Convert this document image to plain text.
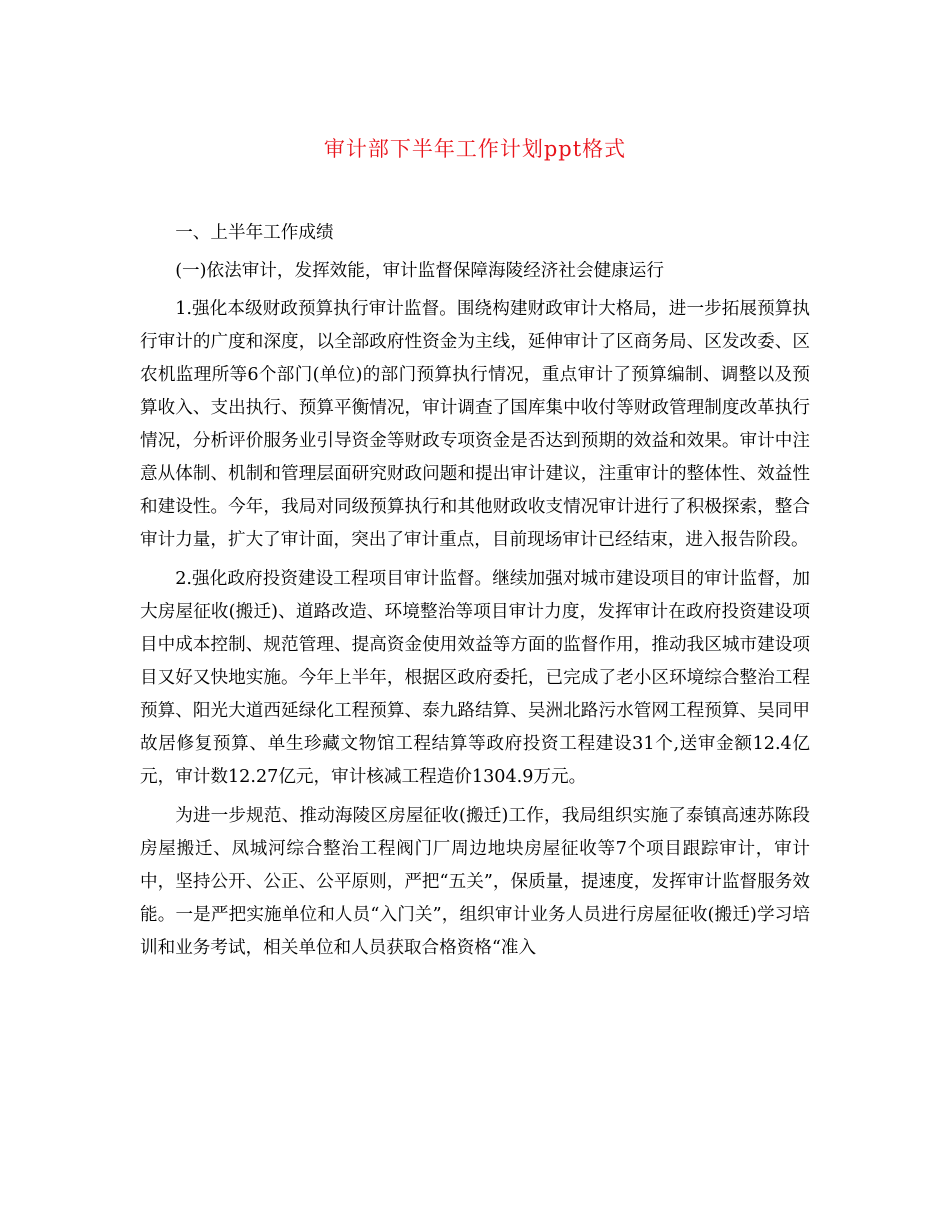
审计部下半年工作计划ppt格式

一、上半年工作成绩

(一)依法审计，发挥效能，审计监督保障海陵经济社会健康运行

1.强化本级财政预算执行审计监督。围绕构建财政审计大格局，进一步拓展预算执行审计的广度和深度，以全部政府性资金为主线，延伸审计了区商务局、区发改委、区农机监理所等6个部门(单位)的部门预算执行情况，重点审计了预算编制、调整以及预算收入、支出执行、预算平衡情况，审计调查了国库集中收付等财政管理制度改革执行情况，分析评价服务业引导资金等财政专项资金是否达到预期的效益和效果。审计中注意从体制、机制和管理层面研究财政问题和提出审计建议，注重审计的整体性、效益性和建设性。今年，我局对同级预算执行和其他财政收支情况审计进行了积极探索，整合审计力量，扩大了审计面，突出了审计重点，目前现场审计已经结束，进入报告阶段。

2.强化政府投资建设工程项目审计监督。继续加强对城市建设项目的审计监督，加大房屋征收(搬迁)、道路改造、环境整治等项目审计力度，发挥审计在政府投资建设项目中成本控制、规范管理、提高资金使用效益等方面的监督作用，推动我区城市建设项目又好又快地实施。今年上半年，根据区政府委托，已完成了老小区环境综合整治工程预算、阳光大道西延绿化工程预算、泰九路结算、吴洲北路污水管网工程预算、吴同甲故居修复预算、单生珍藏文物馆工程结算等政府投资工程建设31个,送审金额12.4亿元，审计数12.27亿元，审计核减工程造价1304.9万元。

为进一步规范、推动海陵区房屋征收(搬迁)工作，我局组织实施了泰镇高速苏陈段房屋搬迁、凤城河综合整治工程阀门厂周边地块房屋征收等7个项目跟踪审计，审计中，坚持公开、公正、公平原则，严把“五关”，保质量，提速度，发挥审计监督服务效能。一是严把实施单位和人员“入门关”，组织审计业务人员进行房屋征收(搬迁)学习培训和业务考试，相关单位和人员获取合格资格“准入
